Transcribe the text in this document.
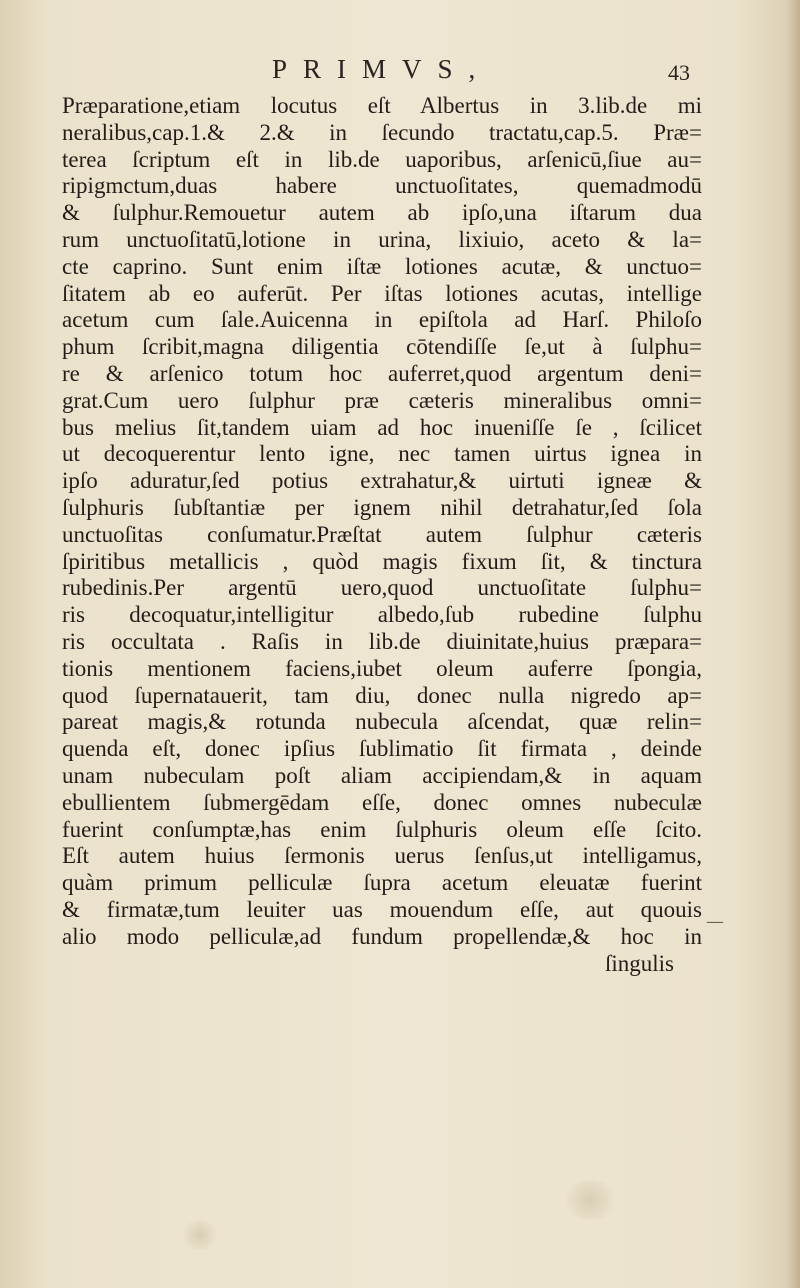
PRIMVS,	43
Præparatione,etiam locutus eſt Albertus in 3.lib.de mi
neralibus,cap.1.& 2.& in ſecundo tractatu,cap.5. Præ=
terea ſcriptum eſt in lib.de uaporibus, arſenicū,ſiue au=
ripigmctum,duas habere unctuoſitates, quemadmodū
& ſulphur.Remouetur autem ab ipſo,una iſtarum dua
rum unctuoſitatū,lotione in urina, lixiuio, aceto & la=
cte caprino. Sunt enim iſtæ lotiones acutæ, & unctuo=
ſitatem ab eo auferūt. Per iſtas lotiones acutas, intellige
acetum cum ſale.Auicenna in epiſtola ad Harſ. Philoſo
phum ſcribit,magna diligentia cōtendiſſe ſe,ut à ſulphu=
re & arſenico totum hoc auferret,quod argentum deni=
grat.Cum uero ſulphur præ cæteris mineralibus omni=
bus melius ſit,tandem uiam ad hoc inueniſſe ſe , ſcilicet
ut decoquerentur lento igne, nec tamen uirtus ignea in
ipſo aduratur,ſed potius extrahatur,& uirtuti igneæ &
ſulphuris ſubſtantiæ per ignem nihil detrahatur,ſed ſola
unctuoſitas conſumatur.Præſtat autem ſulphur cæteris
ſpiritibus metallicis , quòd magis fixum ſit, & tinctura
rubedinis.Per argentū uero,quod unctuoſitate ſulphu=
ris decoquatur,intelligitur albedo,ſub rubedine ſulphu
ris occultata . Raſis in lib.de diuinitate,huius præpara=
tionis mentionem faciens,iubet oleum auferre ſpongia,
quod ſupernatauerit, tam diu, donec nulla nigredo ap=
pareat magis,& rotunda nubecula aſcendat, quæ relin=
quenda eſt, donec ipſius ſublimatio ſit firmata , deinde
unam nubeculam poſt aliam accipiendam,& in aquam
ebullientem ſubmergēdam eſſe, donec omnes nubeculæ
fuerint conſumptæ,has enim ſulphuris oleum eſſe ſcito.
Eſt autem huius ſermonis uerus ſenſus,ut intelligamus,
quàm primum pelliculæ ſupra acetum eleuatæ fuerint
& firmatæ,tum leuiter uas mouendum eſſe, aut quouis
alio modo pelliculæ,ad fundum propellendæ,& hoc in
ſingulis
—
